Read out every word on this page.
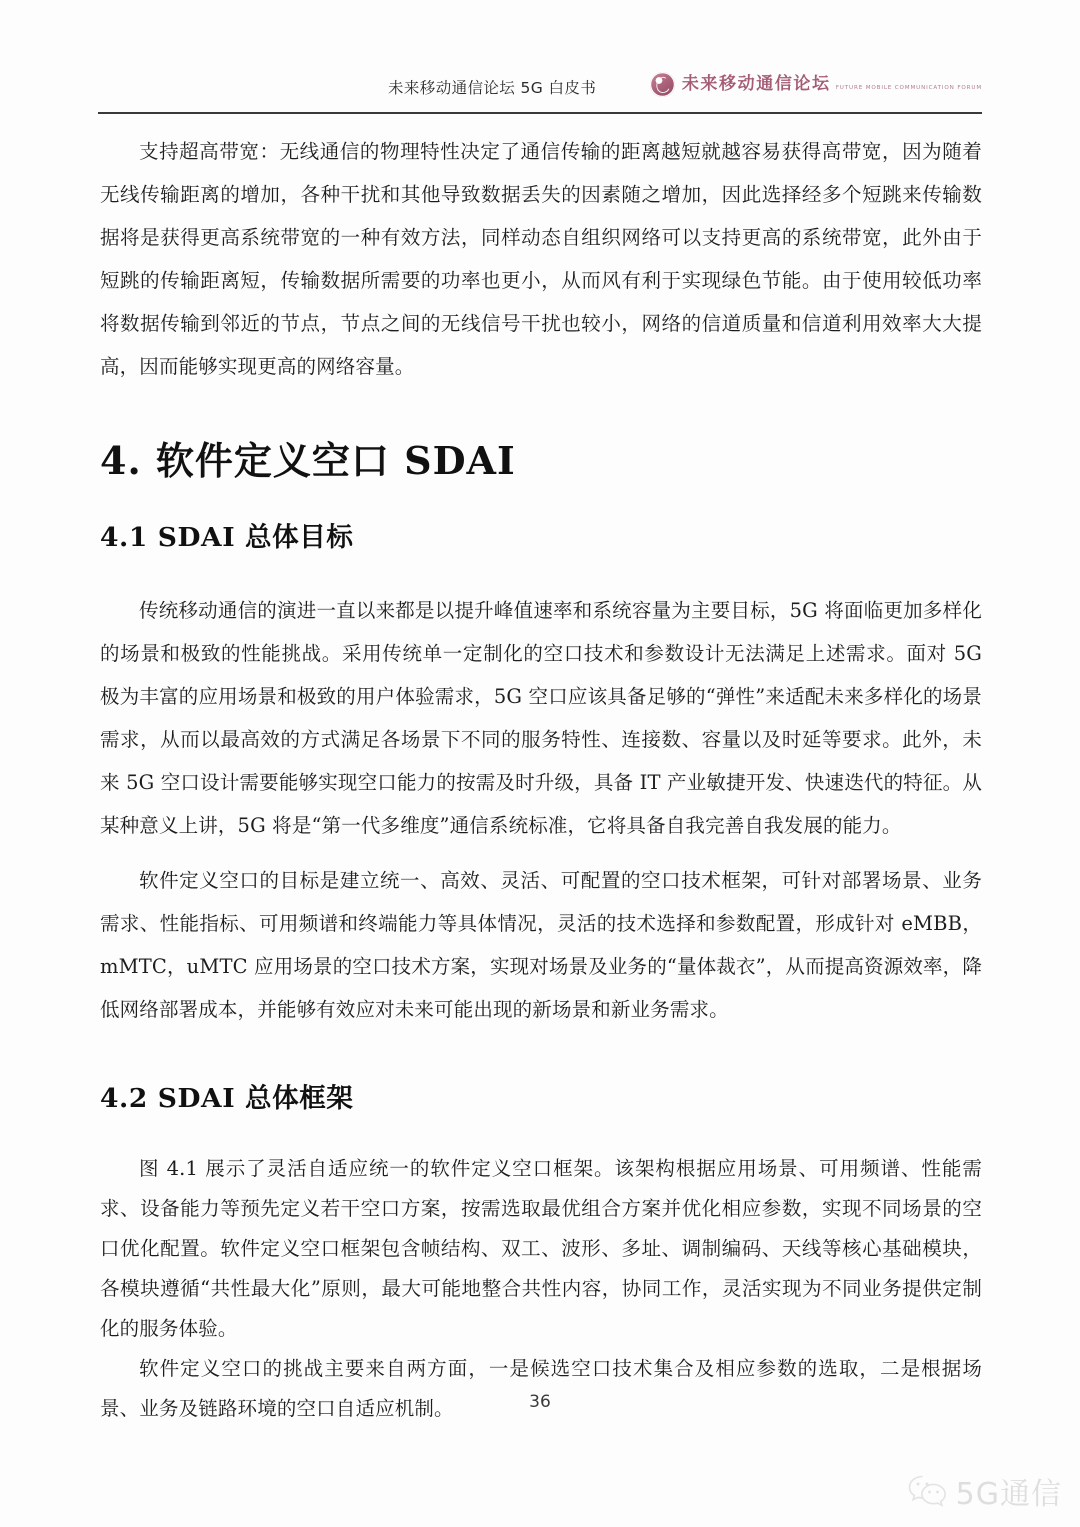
未来移动通信论坛 5G 白皮书	未来移动通信论坛 FUTURE MOBILE COMMUNICATION FORUM

支持超高带宽：无线通信的物理特性决定了通信传输的距离越短就越容易获得高带宽，因为随着无线传输距离的增加，各种干扰和其他导致数据丢失的因素随之增加，因此选择经多个短跳来传输数据将是获得更高系统带宽的一种有效方法，同样动态自组织网络可以支持更高的系统带宽，此外由于短跳的传输距离短，传输数据所需要的功率也更小，从而风有利于实现绿色节能。由于使用较低功率将数据传输到邻近的节点，节点之间的无线信号干扰也较小，网络的信道质量和信道利用效率大大提高，因而能够实现更高的网络容量。

4. 软件定义空口 SDAI
4.1 SDAI 总体目标

传统移动通信的演进一直以来都是以提升峰值速率和系统容量为主要目标，5G 将面临更加多样化的场景和极致的性能挑战。采用传统单一定制化的空口技术和参数设计无法满足上述需求。面对 5G 极为丰富的应用场景和极致的用户体验需求，5G 空口应该具备足够的“弹性”来适配未来多样化的场景需求，从而以最高效的方式满足各场景下不同的服务特性、连接数、容量以及时延等要求。此外，未来 5G 空口设计需要能够实现空口能力的按需及时升级，具备 IT 产业敏捷开发、快速迭代的特征。从某种意义上讲，5G 将是“第一代多维度”通信系统标准，它将具备自我完善自我发展的能力。

软件定义空口的目标是建立统一、高效、灵活、可配置的空口技术框架，可针对部署场景、业务需求、性能指标、可用频谱和终端能力等具体情况，灵活的技术选择和参数配置，形成针对 eMBB，mMTC，uMTC 应用场景的空口技术方案，实现对场景及业务的“量体裁衣”，从而提高资源效率，降低网络部署成本，并能够有效应对未来可能出现的新场景和新业务需求。

4.2 SDAI 总体框架

图 4.1 展示了灵活自适应统一的软件定义空口框架。该架构根据应用场景、可用频谱、性能需求、设备能力等预先定义若干空口方案，按需选取最优组合方案并优化相应参数，实现不同场景的空口优化配置。软件定义空口框架包含帧结构、双工、波形、多址、调制编码、天线等核心基础模块，各模块遵循“共性最大化”原则，最大可能地整合共性内容，协同工作，灵活实现为不同业务提供定制化的服务体验。

软件定义空口的挑战主要来自两方面，一是候选空口技术集合及相应参数的选取，二是根据场景、业务及链路环境的空口自适应机制。	36
5G通信
